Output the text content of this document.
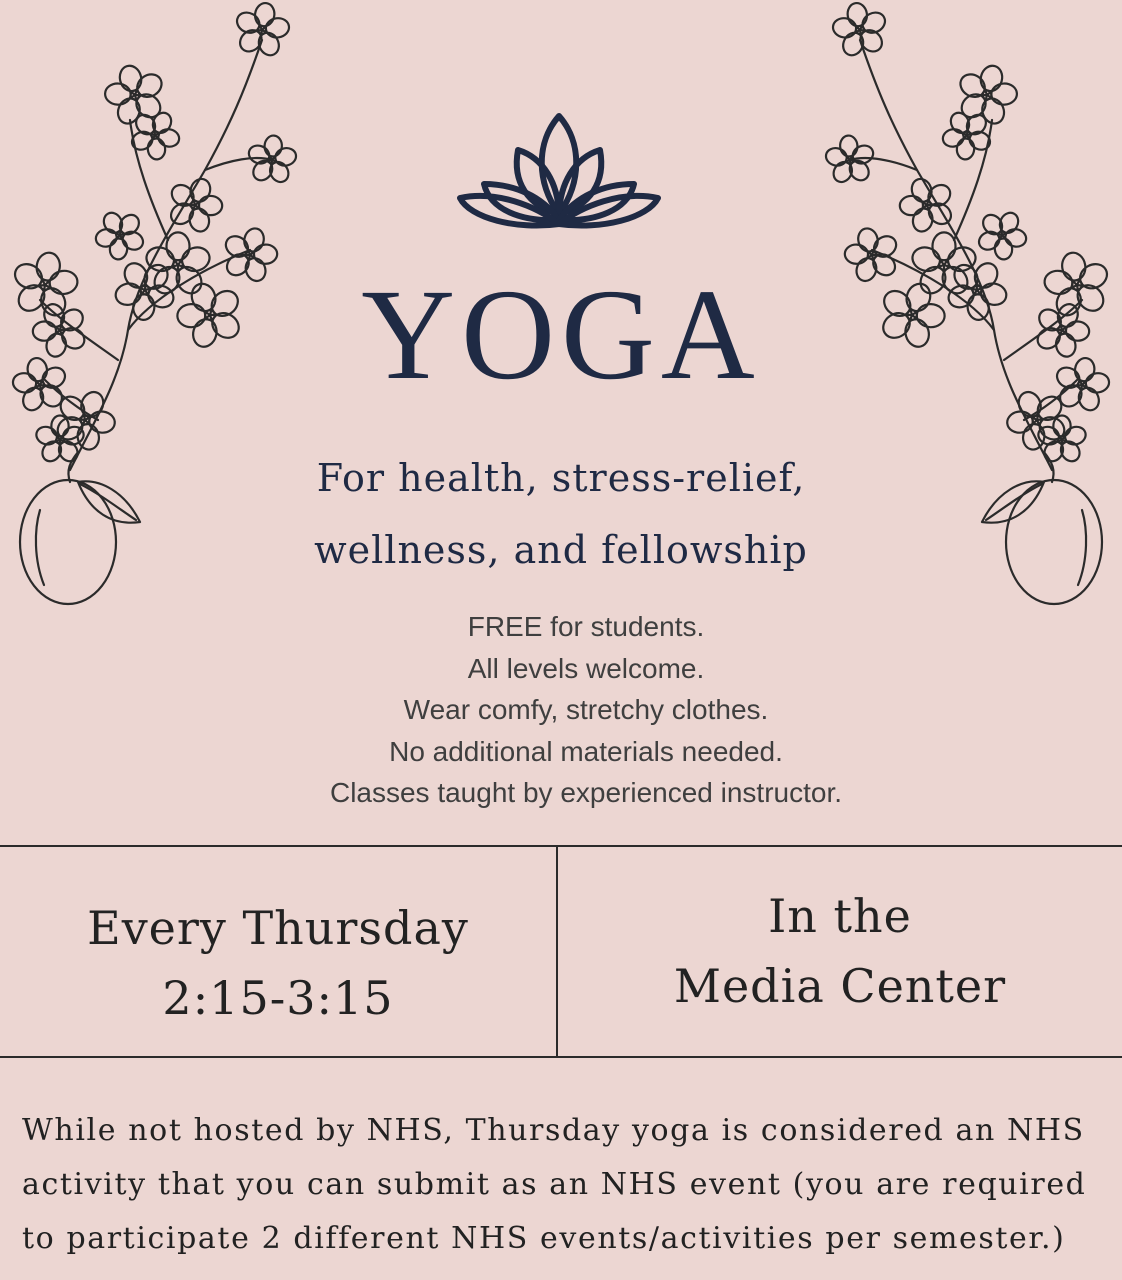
YOGA
For health, stress-relief,
wellness, and fellowship
FREE for students.
All levels welcome.
Wear comfy, stretchy clothes.
No additional materials needed.
Classes taught by experienced instructor.
Every Thursday
2:15-3:15
In the
Media Center
While not hosted by NHS, Thursday yoga is considered an NHS
activity that you can submit as an NHS event (you are required
to participate 2 different NHS events/activities per semester.)
